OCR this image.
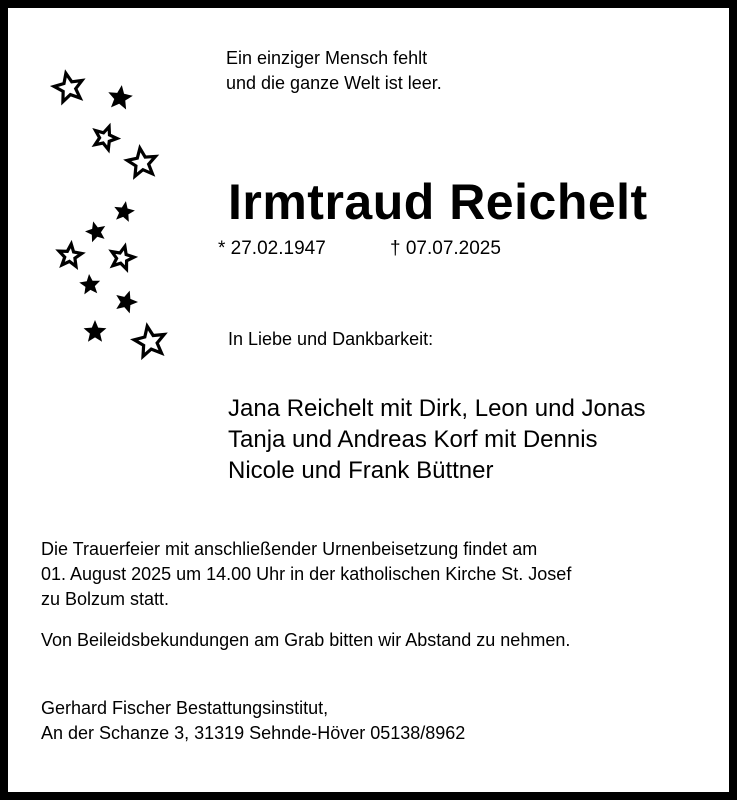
Ein einziger Mensch fehlt
und die ganze Welt ist leer.
Irmtraud Reichelt
* 27.02.1947	† 07.07.2025
In Liebe und Dankbarkeit:
Jana Reichelt mit Dirk, Leon und Jonas
Tanja und Andreas Korf mit Dennis
Nicole und Frank Büttner
Die Trauerfeier mit anschließender Urnenbeisetzung findet am
01. August 2025 um 14.00 Uhr in der katholischen Kirche St. Josef
zu Bolzum statt.
Von Beileidsbekundungen am Grab bitten wir Abstand zu nehmen.
Gerhard Fischer Bestattungsinstitut,
An der Schanze 3, 31319 Sehnde-Höver 05138/8962
